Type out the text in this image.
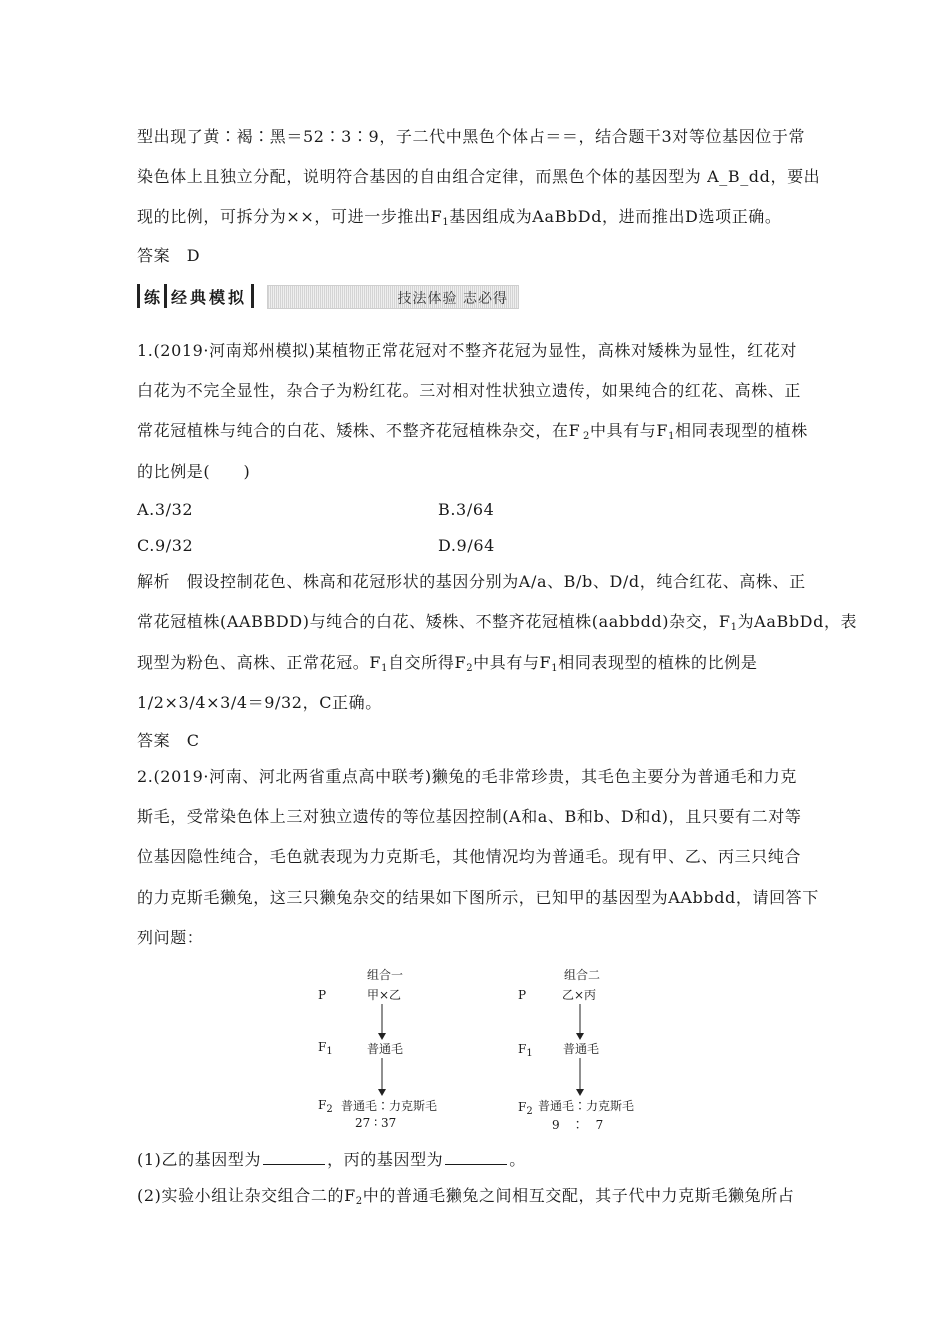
型出现了黄∶褐∶黑＝52∶3∶9，子二代中黑色个体占＝＝，结合题干3对等位基因位于常
染色体上且独立分配，说明符合基因的自由组合定律，而黑色个体的基因型为 A_B_dd，要出
现的比例，可拆分为××，可进一步推出$F_1$基因组成为AaBbDd，进而推出D选项正确。
答案　D
练 经典模拟	技法体验 志必得
1.(2019·河南郑州模拟)某植物正常花冠对不整齐花冠为显性，高株对矮株为显性，红花对
白花为不完全显性，杂合子为粉红花。三对相对性状独立遗传，如果纯合的红花、高株、正
常花冠植株与纯合的白花、矮株、不整齐花冠植株杂交，在F $_2$中具有与$F_1$相同表现型的植株
的比例是(　　)
A.3/32	B.3/64
C.9/32	D.9/64
解析　假设控制花色、株高和花冠形状的基因分别为A/a、B/b、D/d，纯合红花、高株、正
常花冠植株(AABBDD)与纯合的白花、矮株、不整齐花冠植株(aabbdd)杂交，$F_1$为AaBbDd，表
现型为粉色、高株、正常花冠。$F_1$自交所得$F_2$中具有与$F_1$相同表现型的植株的比例是
1/2×3/4×3/4＝9/32，C正确。
答案　C
2.(2019·河南、河北两省重点高中联考)獭兔的毛非常珍贵，其毛色主要分为普通毛和力克
斯毛，受常染色体上三对独立遗传的等位基因控制(A和a、B和b、D和d)，且只要有二对等
位基因隐性纯合，毛色就表现为力克斯毛，其他情况均为普通毛。现有甲、乙、丙三只纯合
的力克斯毛獭兔，这三只獭兔杂交的结果如下图所示，已知甲的基因型为AAbbdd，请回答下
列问题：
P
$F_1$
$F_2$
组合一
甲×乙
普通毛
普通毛∶力克斯毛
27 ∶ 37
P
$F_1$
$F_2$
组合二
乙×丙
普通毛
普通毛∶力克斯毛
9　∶　7
(1)乙的基因型为	，丙的基因型为	。
(2)实验小组让杂交组合二的$F_2$中的普通毛獭兔之间相互交配，其子代中力克斯毛獭兔所占
